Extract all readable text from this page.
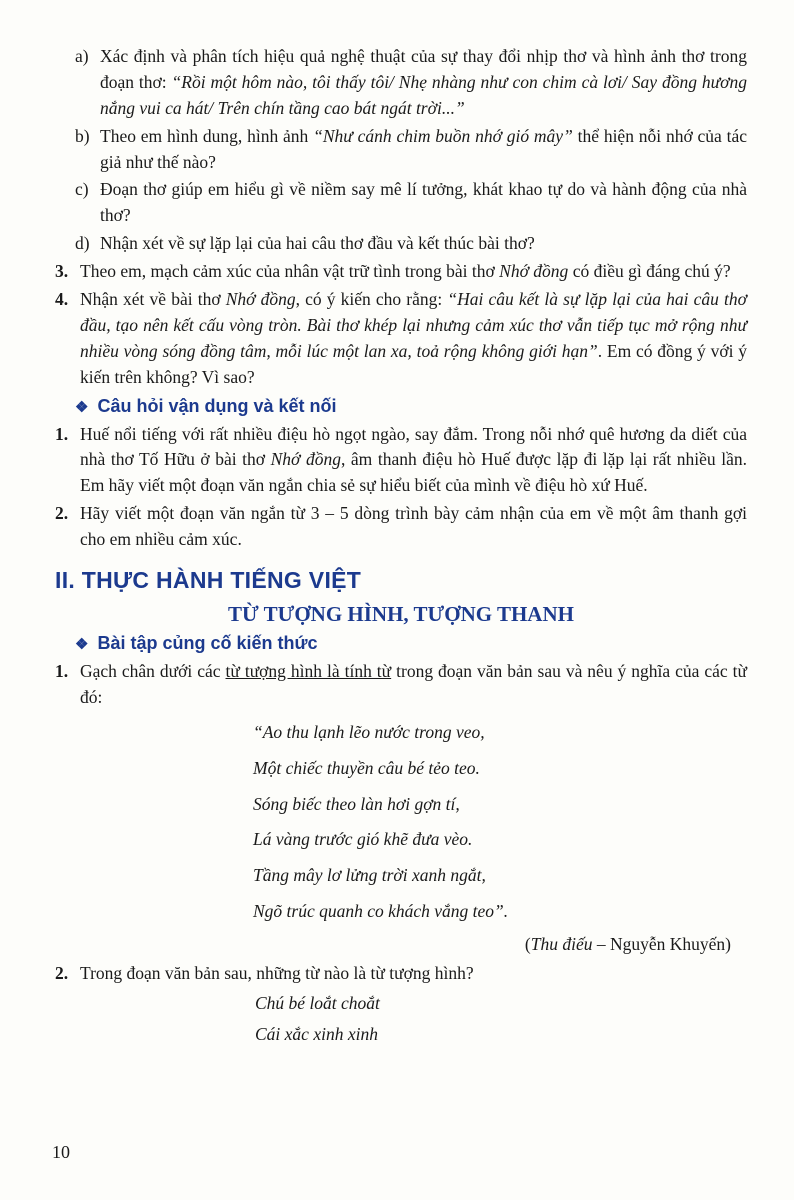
a) Xác định và phân tích hiệu quả nghệ thuật của sự thay đổi nhịp thơ và hình ảnh thơ trong đoạn thơ: “Rồi một hôm nào, tôi thấy tôi/ Nhẹ nhàng như con chim cà lơi/ Say đồng hương nắng vui ca hát/ Trên chín tầng cao bát ngát trời...”
b) Theo em hình dung, hình ảnh “Như cánh chim buồn nhớ gió mây” thể hiện nỗi nhớ của tác giả như thế nào?
c) Đoạn thơ giúp em hiểu gì về niềm say mê lí tưởng, khát khao tự do và hành động của nhà thơ?
d) Nhận xét về sự lặp lại của hai câu thơ đầu và kết thúc bài thơ?
3. Theo em, mạch cảm xúc của nhân vật trữ tình trong bài thơ Nhớ đồng có điều gì đáng chú ý?
4. Nhận xét về bài thơ Nhớ đồng, có ý kiến cho rằng: “Hai câu kết là sự lặp lại của hai câu thơ đầu, tạo nên kết cấu vòng tròn. Bài thơ khép lại nhưng cảm xúc thơ vẫn tiếp tục mở rộng như nhiều vòng sóng đồng tâm, mỗi lúc một lan xa, toả rộng không giới hạn”. Em có đồng ý với ý kiến trên không? Vì sao?
❖ Câu hỏi vận dụng và kết nối
1. Huế nổi tiếng với rất nhiều điệu hò ngọt ngào, say đắm. Trong nỗi nhớ quê hương da diết của nhà thơ Tố Hữu ở bài thơ Nhớ đồng, âm thanh điệu hò Huế được lặp đi lặp lại rất nhiều lần. Em hãy viết một đoạn văn ngắn chia sẻ sự hiểu biết của mình về điệu hò xứ Huế.
2. Hãy viết một đoạn văn ngắn từ 3 – 5 dòng trình bày cảm nhận của em về một âm thanh gợi cho em nhiều cảm xúc.
II. THỰC HÀNH TIẾNG VIỆT
TỪ TƯỢNG HÌNH, TƯỢNG THANH
❖ Bài tập củng cố kiến thức
1. Gạch chân dưới các từ tượng hình là tính từ trong đoạn văn bản sau và nêu ý nghĩa của các từ đó:
“Ao thu lạnh lẽo nước trong veo,
Một chiếc thuyền câu bé tẻo teo.
Sóng biếc theo làn hơi gợn tí,
Lá vàng trước gió khẽ đưa vèo.
Tầng mây lơ lửng trời xanh ngắt,
Ngõ trúc quanh co khách vắng teo”.
(Thu điếu – Nguyễn Khuyến)
2. Trong đoạn văn bản sau, những từ nào là từ tượng hình?
Chú bé loắt choắt
Cái xắc xinh xinh
10
